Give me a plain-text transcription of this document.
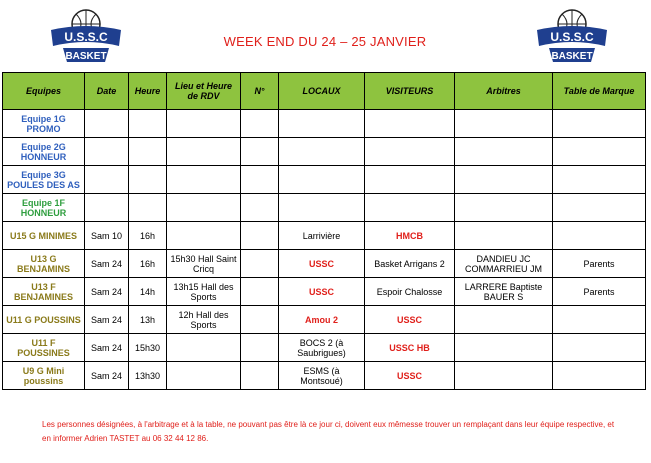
U.S.S.C
BASKET
U.S.S.C
BASKET
WEEK END DU 24 – 25 JANVIER
Equipes	Date	Heure	Lieu et Heure de RDV	N°	LOCAUX	VISITEURS	Arbitres	Table de Marque
Equipe 1G PROMO								
Equipe 2G HONNEUR								
Equipe 3G POULES DES AS								
Equipe 1F HONNEUR								
U15 G MINIMES	Sam 10	16h			Larrivière	HMCB		
U13 G BENJAMINS	Sam 24	16h	15h30 Hall Saint Cricq		USSC	Basket Arrigans 2	DANDIEU JC COMMARRIEU JM	Parents
U13 F BENJAMINES	Sam 24	14h	13h15 Hall des Sports		USSC	Espoir Chalosse	LARRERE Baptiste BAUER S	Parents
U11 G POUSSINS	Sam 24	13h	12h Hall des Sports		Amou 2	USSC		
U11 F POUSSINES	Sam 24	15h30			BOCS 2 (à Saubrigues)	USSC HB		
U9 G Mini poussins	Sam 24	13h30			ESMS (à Montsoué)	USSC		
Les personnes désignées, à l'arbitrage et à la table, ne pouvant pas être là ce jour ci, doivent eux mêmesse trouver un remplaçant dans leur équipe respective, et en informer Adrien TASTET au 06 32 44 12 86.
